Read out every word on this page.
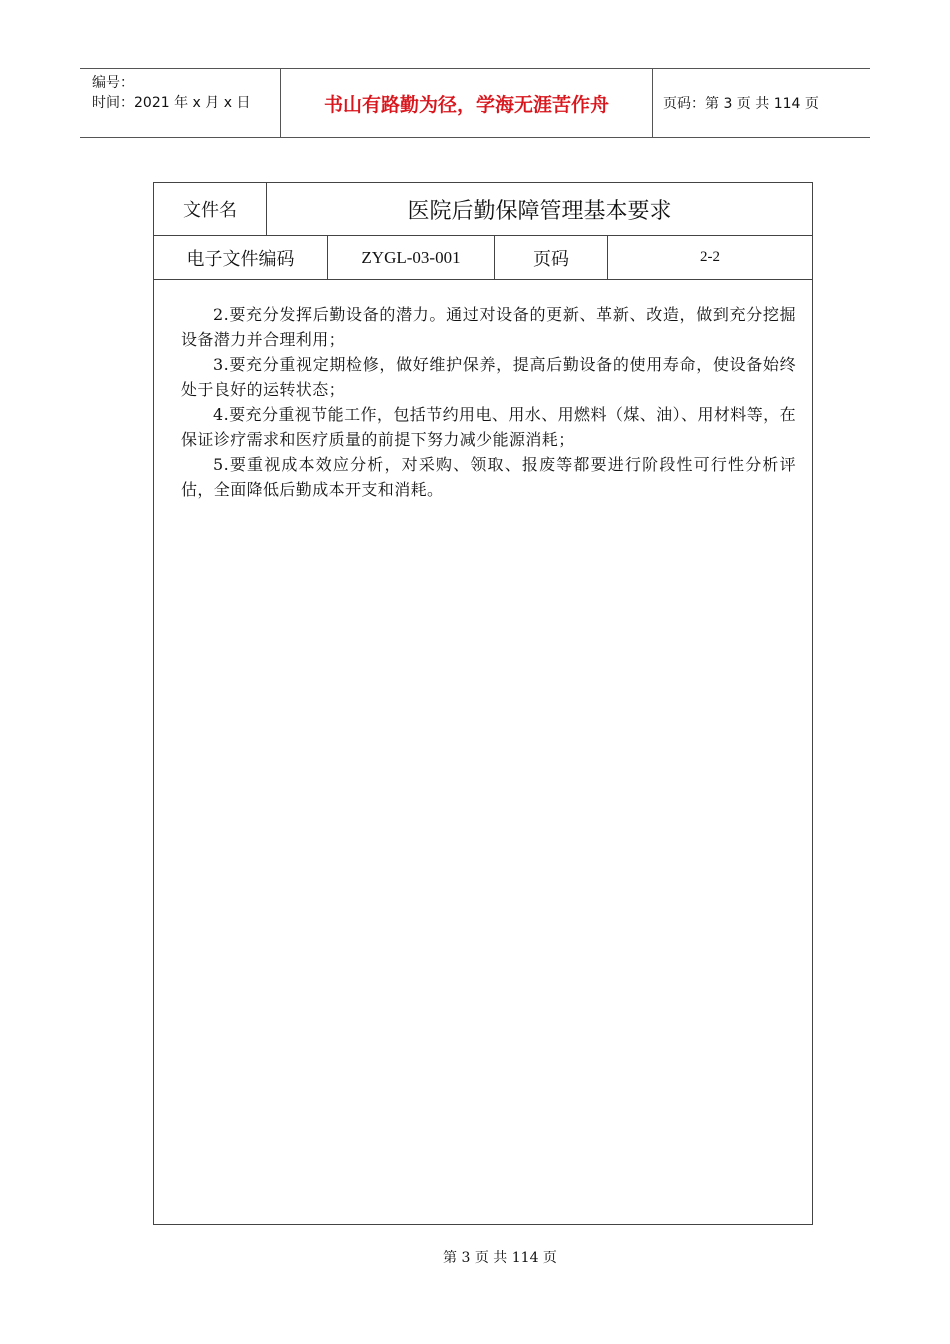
编号：
时间：2021 年 x 月 x 日	书山有路勤为径，学海无涯苦作舟	页码：第 3 页 共 114 页
文件名	医院后勤保障管理基本要求
电子文件编码	ZYGL-03-001	页码	2-2

2.要充分发挥后勤设备的潜力。通过对设备的更新、革新、改造，做到充分挖掘设备潜力并合理利用；

3.要充分重视定期检修，做好维护保养，提高后勤设备的使用寿命，使设备始终处于良好的运转状态；

4.要充分重视节能工作，包括节约用电、用水、用燃料（煤、油）、用材料等，在保证诊疗需求和医疗质量的前提下努力减少能源消耗；

5.要重视成本效应分析，对采购、领取、报废等都要进行阶段性可行性分析评估，全面降低后勤成本开支和消耗。

第 3 页 共 114 页
